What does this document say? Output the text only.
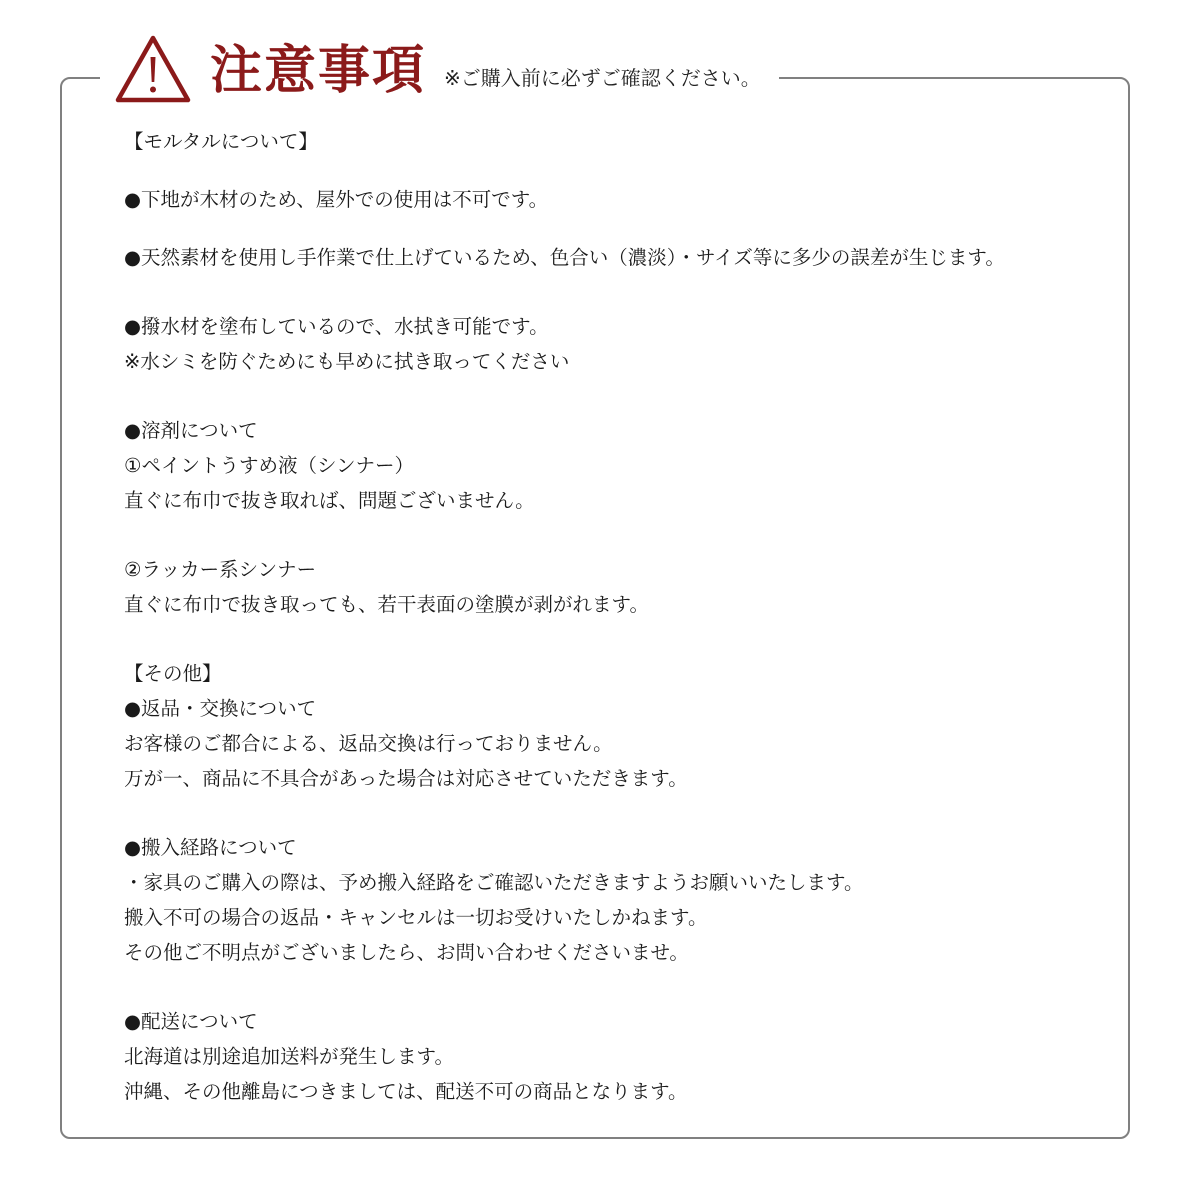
注意事項 ※ご購入前に必ずご確認ください。
【モルタルについて】
●下地が木材のため、屋外での使用は不可です。
●天然素材を使用し手作業で仕上げているため、色合い（濃淡）・サイズ等に多少の誤差が生じます。
●撥水材を塗布しているので、水拭き可能です。
※水シミを防ぐためにも早めに拭き取ってください
●溶剤について
①ペイントうすめ液（シンナー）
直ぐに布巾で抜き取れば、問題ございません。
②ラッカー系シンナー
直ぐに布巾で抜き取っても、若干表面の塗膜が剥がれます。
【その他】
●返品・交換について
お客様のご都合による、返品交換は行っておりません。
万が一、商品に不具合があった場合は対応させていただきます。
●搬入経路について
・家具のご購入の際は、予め搬入経路をご確認いただきますようお願いいたします。
搬入不可の場合の返品・キャンセルは一切お受けいたしかねます。
その他ご不明点がございましたら、お問い合わせくださいませ。
●配送について
北海道は別途追加送料が発生します。
沖縄、その他離島につきましては、配送不可の商品となります。
